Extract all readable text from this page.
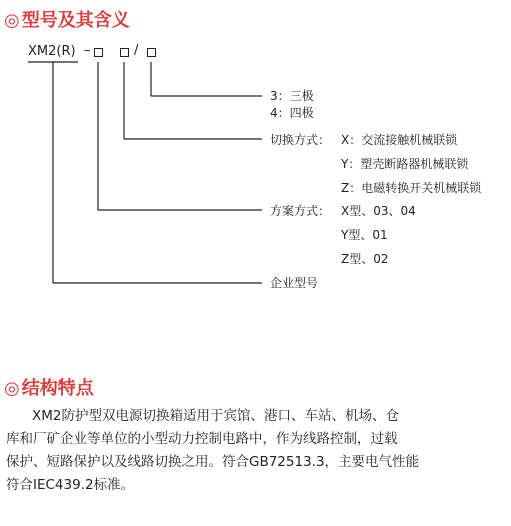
◎ 型号及其含义
XM2(R) –	/
3：三极
4：四极
切换方式： X：交流接触机械联锁
Y：塑壳断路器机械联锁
Z：电磁转换开关机械联锁
方案方式： X型、03、04
Y型、01
Z型、02
企业型号
◎ 结构特点
XM2防护型双电源切换箱适用于宾馆、港口、车站、机场、仓
库和厂矿企业等单位的小型动力控制电路中，作为线路控制，过载
保护、短路保护以及线路切换之用。符合GB72513.3，主要电气性能
符合IEC439.2标准。
